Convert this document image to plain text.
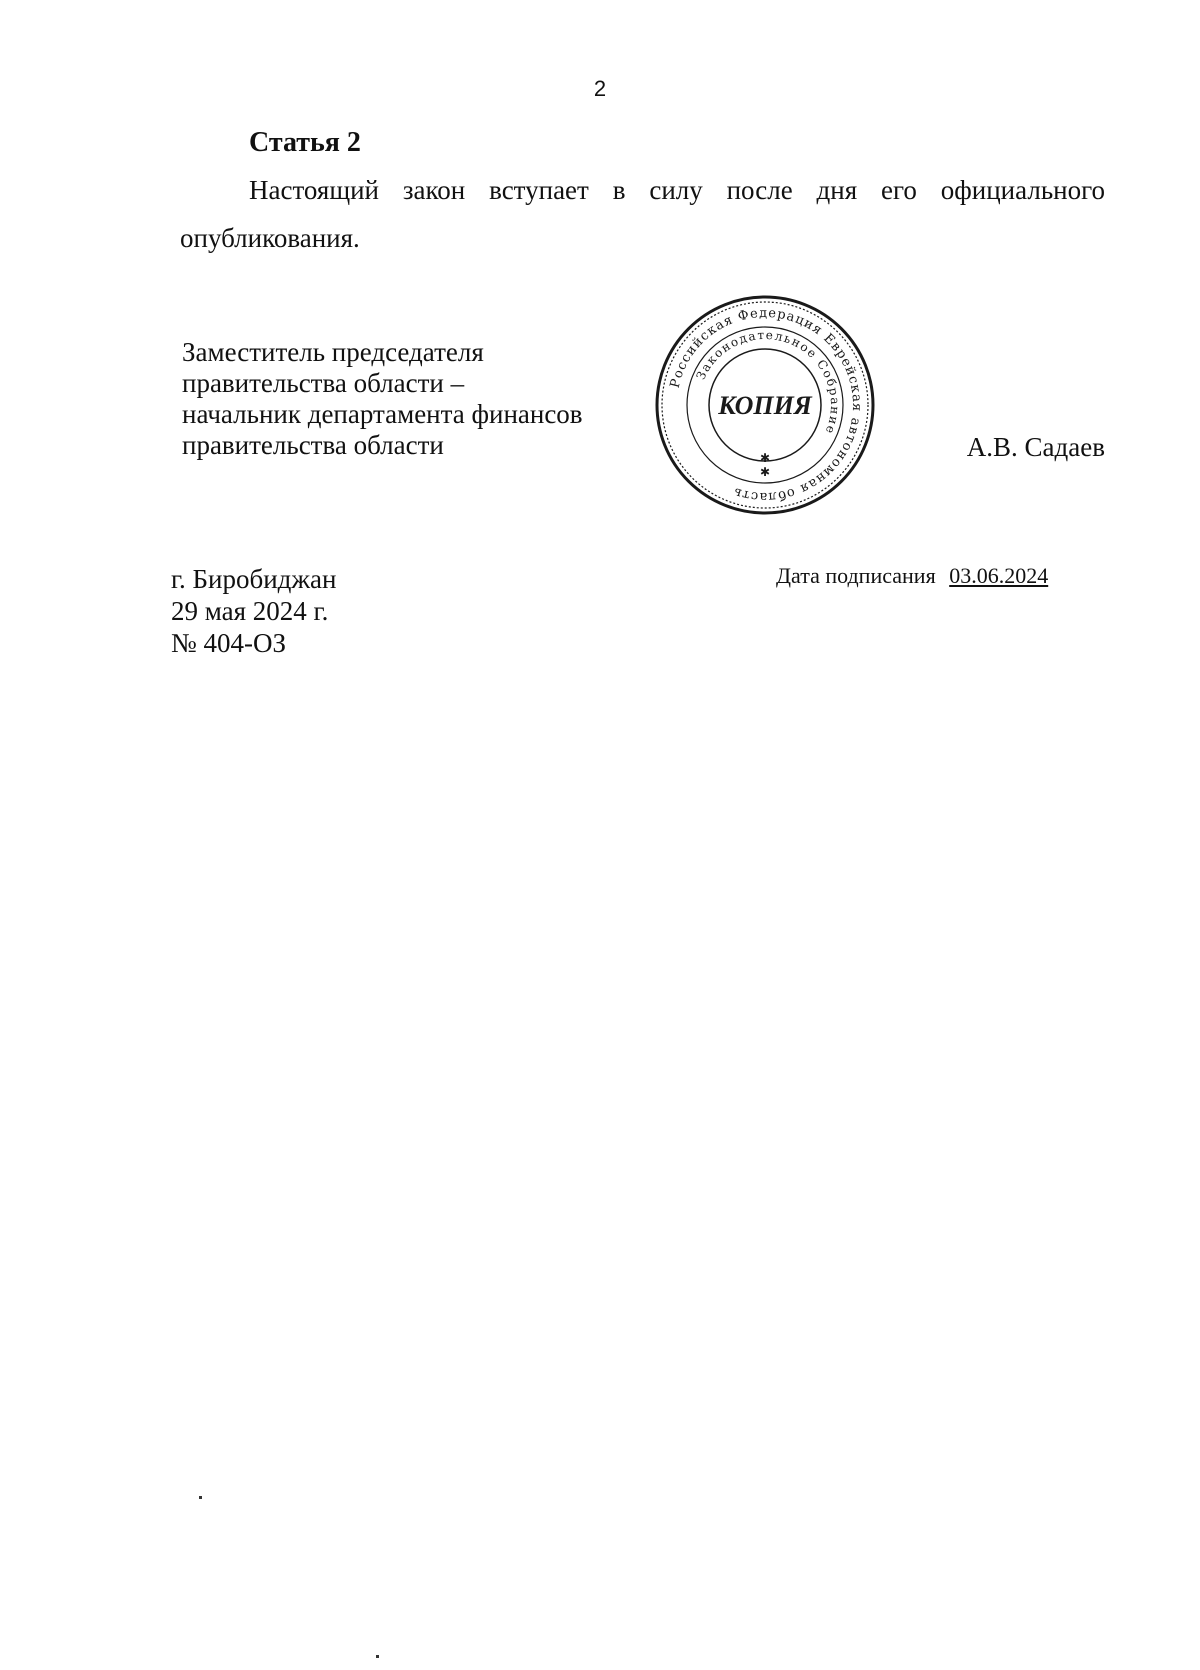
2
Статья 2
Настоящий закон вступает в силу после дня его официального
опубликования.
Заместитель председателя
правительства области –
начальник департамента финансов
правительства области
Российская Федерация Еврейская автономная область
Законодательное Собрание
КОПИЯ
✱
✱
А.В. Садаев
г. Биробиджан
29 мая 2024 г.
№ 404-ОЗ
Дата подписания 03.06.2024
